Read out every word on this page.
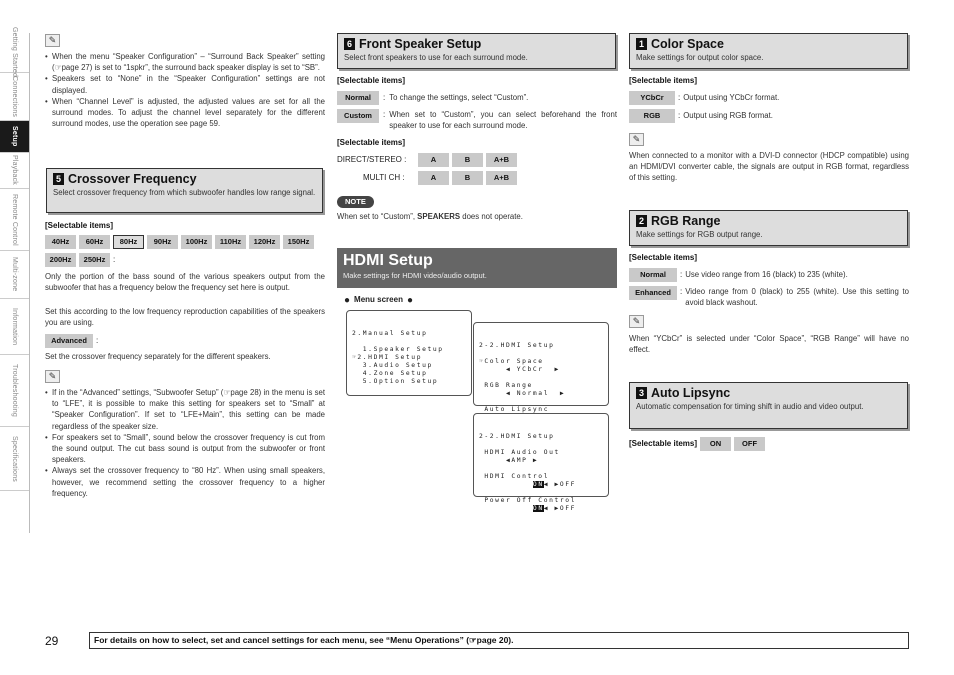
Getting Started
Connections
Setup
Playback
Remote Control
Multi-zone
Information
Troubleshooting
Specifications
✎
• When the menu “Speaker Configuration” – “Surround Back Speaker” setting (☞page 27) is set to “1spkr”, the surround back speaker display is set to “SB”.
• Speakers set to “None” in the “Speaker Configuration” settings are not displayed.
• When “Channel Level” is adjusted, the adjusted values are set for all the surround modes. To adjust the channel level separately for the different surround modes, use the operation see page 59.
5 Crossover Frequency
Select crossover frequency from which subwoofer handles low range signal.
[Selectable items]
40Hz	60Hz	80Hz	90Hz	100Hz	110Hz	120Hz	150Hz
200Hz	250Hz :
Only the portion of the bass sound of the various speakers output from the subwoofer that has a frequency below the frequency set here is output.
Set this according to the low frequency reproduction capabilities of the speakers you are using.
Advanced	:
Set the crossover frequency separately for the different speakers.
✎
• If in the “Advanced” settings, “Subwoofer Setup” (☞page 28) in the menu is set to “LFE”, it is possible to make this setting for speakers set to “Small” at “Speaker Configuration”. If set to “LFE+Main”, this setting can be made regardless of the speaker size.
• For speakers set to “Small”, sound below the crossover frequency is cut from the sound output. The cut bass sound is output from the subwoofer or front speakers.
• Always set the crossover frequency to “80 Hz”. When using small speakers, however, we recommend setting the crossover frequency to a higher frequency.
6 Front Speaker Setup
Select front speakers to use for each surround mode.
[Selectable items]
Normal	: To change the settings, select “Custom”.
Custom	: When set to “Custom”, you can select beforehand the front speaker to use for each surround mode.
[Selectable items]
DIRECT/STEREO :	A	B	A+B
MULTI CH :	A	B	A+B
NOTE
When set to “Custom”, SPEAKERS does not operate.
HDMI Setup
Make settings for HDMI video/audio output.
● Menu screen ●

2.Manual Setup

1.Speaker Setup
☞2.HDMI Setup
3.Audio Setup
4.Zone Setup
5.Option Setup

2-2.HDMI Setup

☞Color Space
◀ YCbCr  ▶

RGB Range
◀ Normal  ▶

Auto Lipsync

2-2.HDMI Setup

HDMI Audio Out
◀AMP ▶

HDMI Control
ON◀ ▶OFF

Power Off Control
ON◀ ▶OFF

1 Color Space
Make settings for output color space.
[Selectable items]
YCbCr	: Output using YCbCr format.
RGB	: Output using RGB format.
✎
When connected to a monitor with a DVI-D connector (HDCP compatible) using an HDMI/DVI converter cable, the signals are output in RGB format, regardless of this setting.
2 RGB Range
Make settings for RGB output range.
[Selectable items]
Normal	: Use video range from 16 (black) to 235 (white).
Enhanced	: Video range from 0 (black) to 255 (white). Use this setting to avoid black washout.
✎
When “YCbCr” is selected under “Color Space”, “RGB Range” will have no effect.
3 Auto Lipsync
Automatic compensation for timing shift in audio and video output.
[Selectable items]	ON	OFF
29	For details on how to select, set and cancel settings for each menu, see “Menu Operations” (☞page 20).
